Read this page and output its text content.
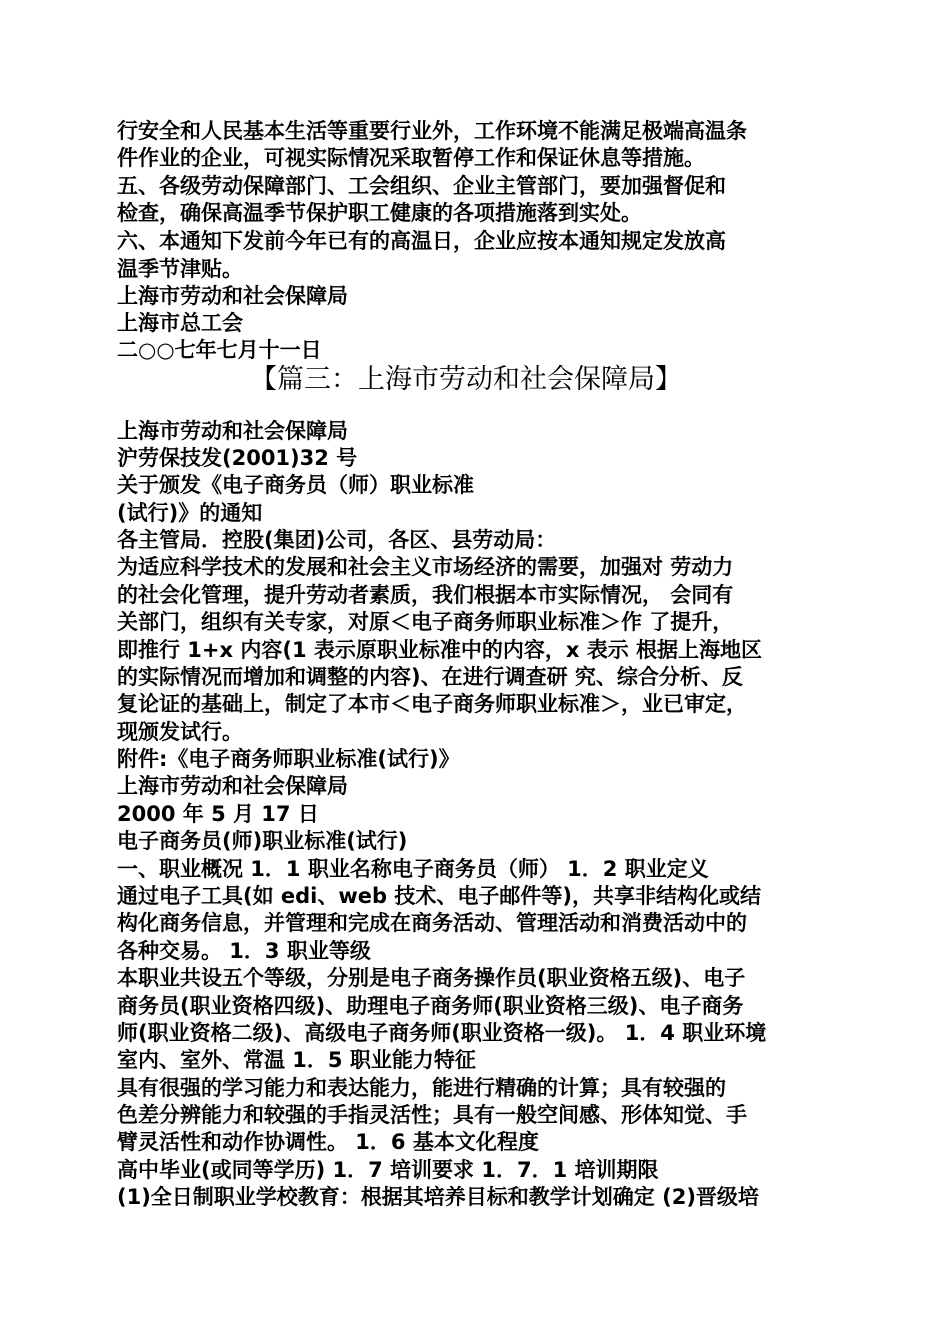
行安全和人民基本生活等重要行业外，工作环境不能满足极端高温条
件作业的企业，可视实际情况采取暂停工作和保证休息等措施。
五、各级劳动保障部门、工会组织、企业主管部门，要加强督促和
检查，确保高温季节保护职工健康的各项措施落到实处。
六、本通知下发前今年已有的高温日，企业应按本通知规定发放高
温季节津贴。
上海市劳动和社会保障局
上海市总工会
二○○七年七月十一日
【篇三：上海市劳动和社会保障局】
上海市劳动和社会保障局
沪劳保技发(2001)32 号
关于颁发《电子商务员（师）职业标准
(试行)》的通知
各主管局．控股(集团)公司，各区、县劳动局：
为适应科学技术的发展和社会主义市场经济的需要，加强对 劳动力
的社会化管理，提升劳动者素质，我们根据本市实际情况， 会同有
关部门，组织有关专家，对原＜电子商务师职业标准＞作 了提升，
即推行 1+x 内容(1 表示原职业标准中的内容，x 表示 根据上海地区
的实际情况而增加和调整的内容)、在进行调查研 究、综合分析、反
复论证的基础上，制定了本市＜电子商务师职业标准＞，业已审定，
现颁发试行。
附件:《电子商务师职业标准(试行)》
上海市劳动和社会保障局
2000 年 5 月 17 日
电子商务员(师)职业标准(试行)
一、职业概况 1．1 职业名称电子商务员（师） 1．2 职业定义
通过电子工具(如 edi、web 技术、电子邮件等)，共享非结构化或结
构化商务信息，并管理和完成在商务活动、管理活动和消费活动中的
各种交易。 1．3 职业等级
本职业共设五个等级，分别是电子商务操作员(职业资格五级)、电子
商务员(职业资格四级)、助理电子商务师(职业资格三级)、电子商务
师(职业资格二级)、高级电子商务师(职业资格一级)。 1．4 职业环境
室内、室外、常温 1．5 职业能力特征
具有很强的学习能力和表达能力，能进行精确的计算；具有较强的
色差分辨能力和较强的手指灵活性；具有一般空间感、形体知觉、手
臂灵活性和动作协调性。 1．6 基本文化程度
高中毕业(或同等学历) 1．7 培训要求 1．7．1 培训期限
(1)全日制职业学校教育：根据其培养目标和教学计划确定 (2)晋级培
